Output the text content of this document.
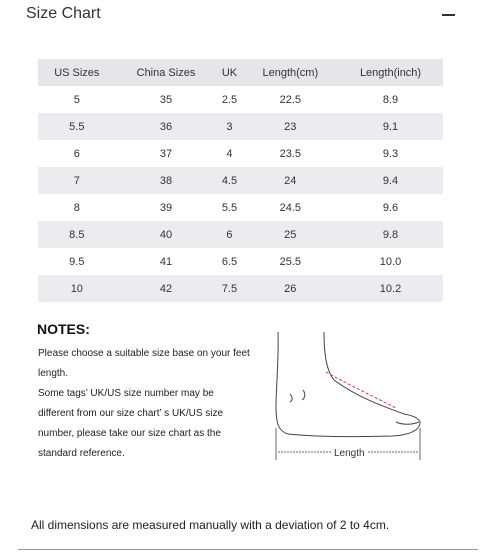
Size Chart
US Sizes	China Sizes	UK	Length(cm)	Length(inch)
5	35	2.5	22.5	8.9
5.5	36	3	23	9.1
6	37	4	23.5	9.3
7	38	4.5	24	9.4
8	39	5.5	24.5	9.6
8.5	40	6	25	9.8
9.5	41	6.5	25.5	10.0
10	42	7.5	26	10.2
NOTES:
Please choose a suitable size base on your feet
length.
Some tags’ UK/US size number may be
different from our size chart’ s UK/US size
number, please take our size chart as the
standard reference.	Length
All dimensions are measured manually with a deviation of 2 to 4cm.
